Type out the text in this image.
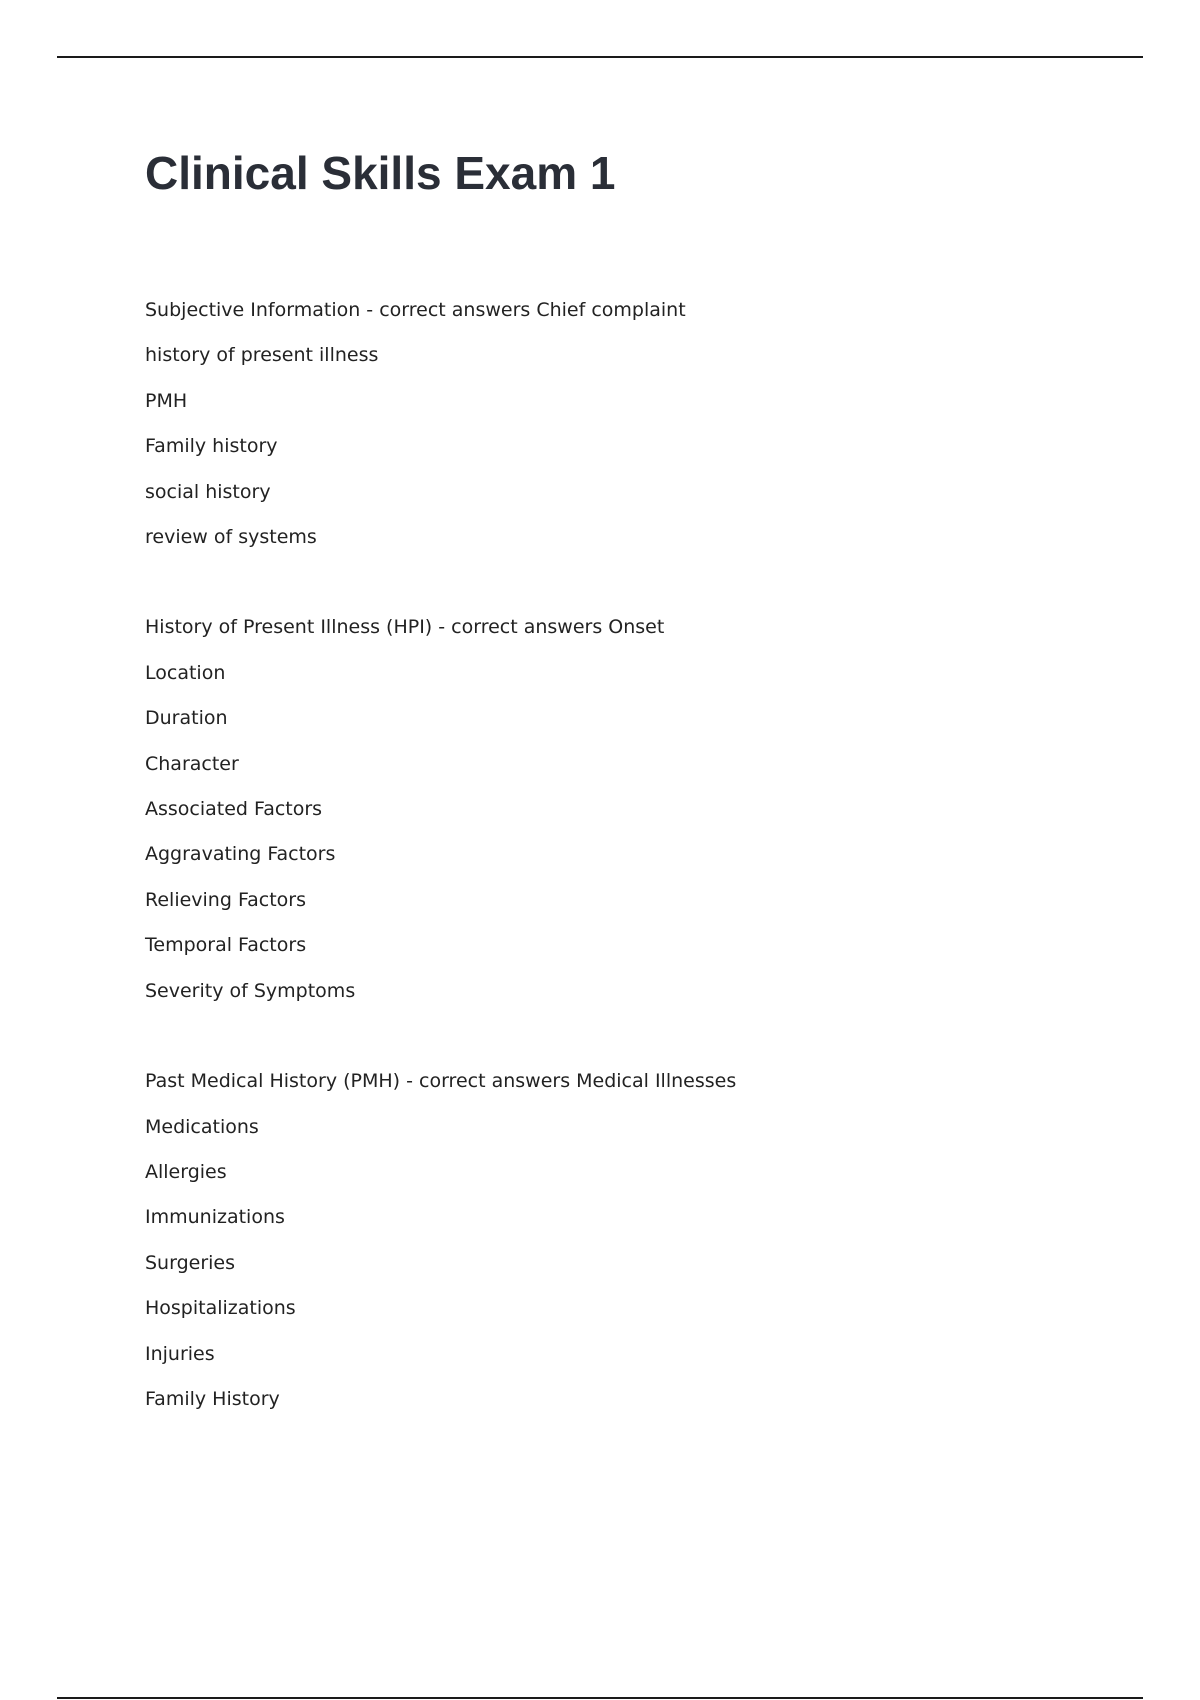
Clinical Skills Exam 1
Subjective Information - correct answers Chief complaint
history of present illness
PMH
Family history
social history
review of systems
History of Present Illness (HPI) - correct answers Onset
Location
Duration
Character
Associated Factors
Aggravating Factors
Relieving Factors
Temporal Factors
Severity of Symptoms
Past Medical History (PMH) - correct answers Medical Illnesses
Medications
Allergies
Immunizations
Surgeries
Hospitalizations
Injuries
Family History
